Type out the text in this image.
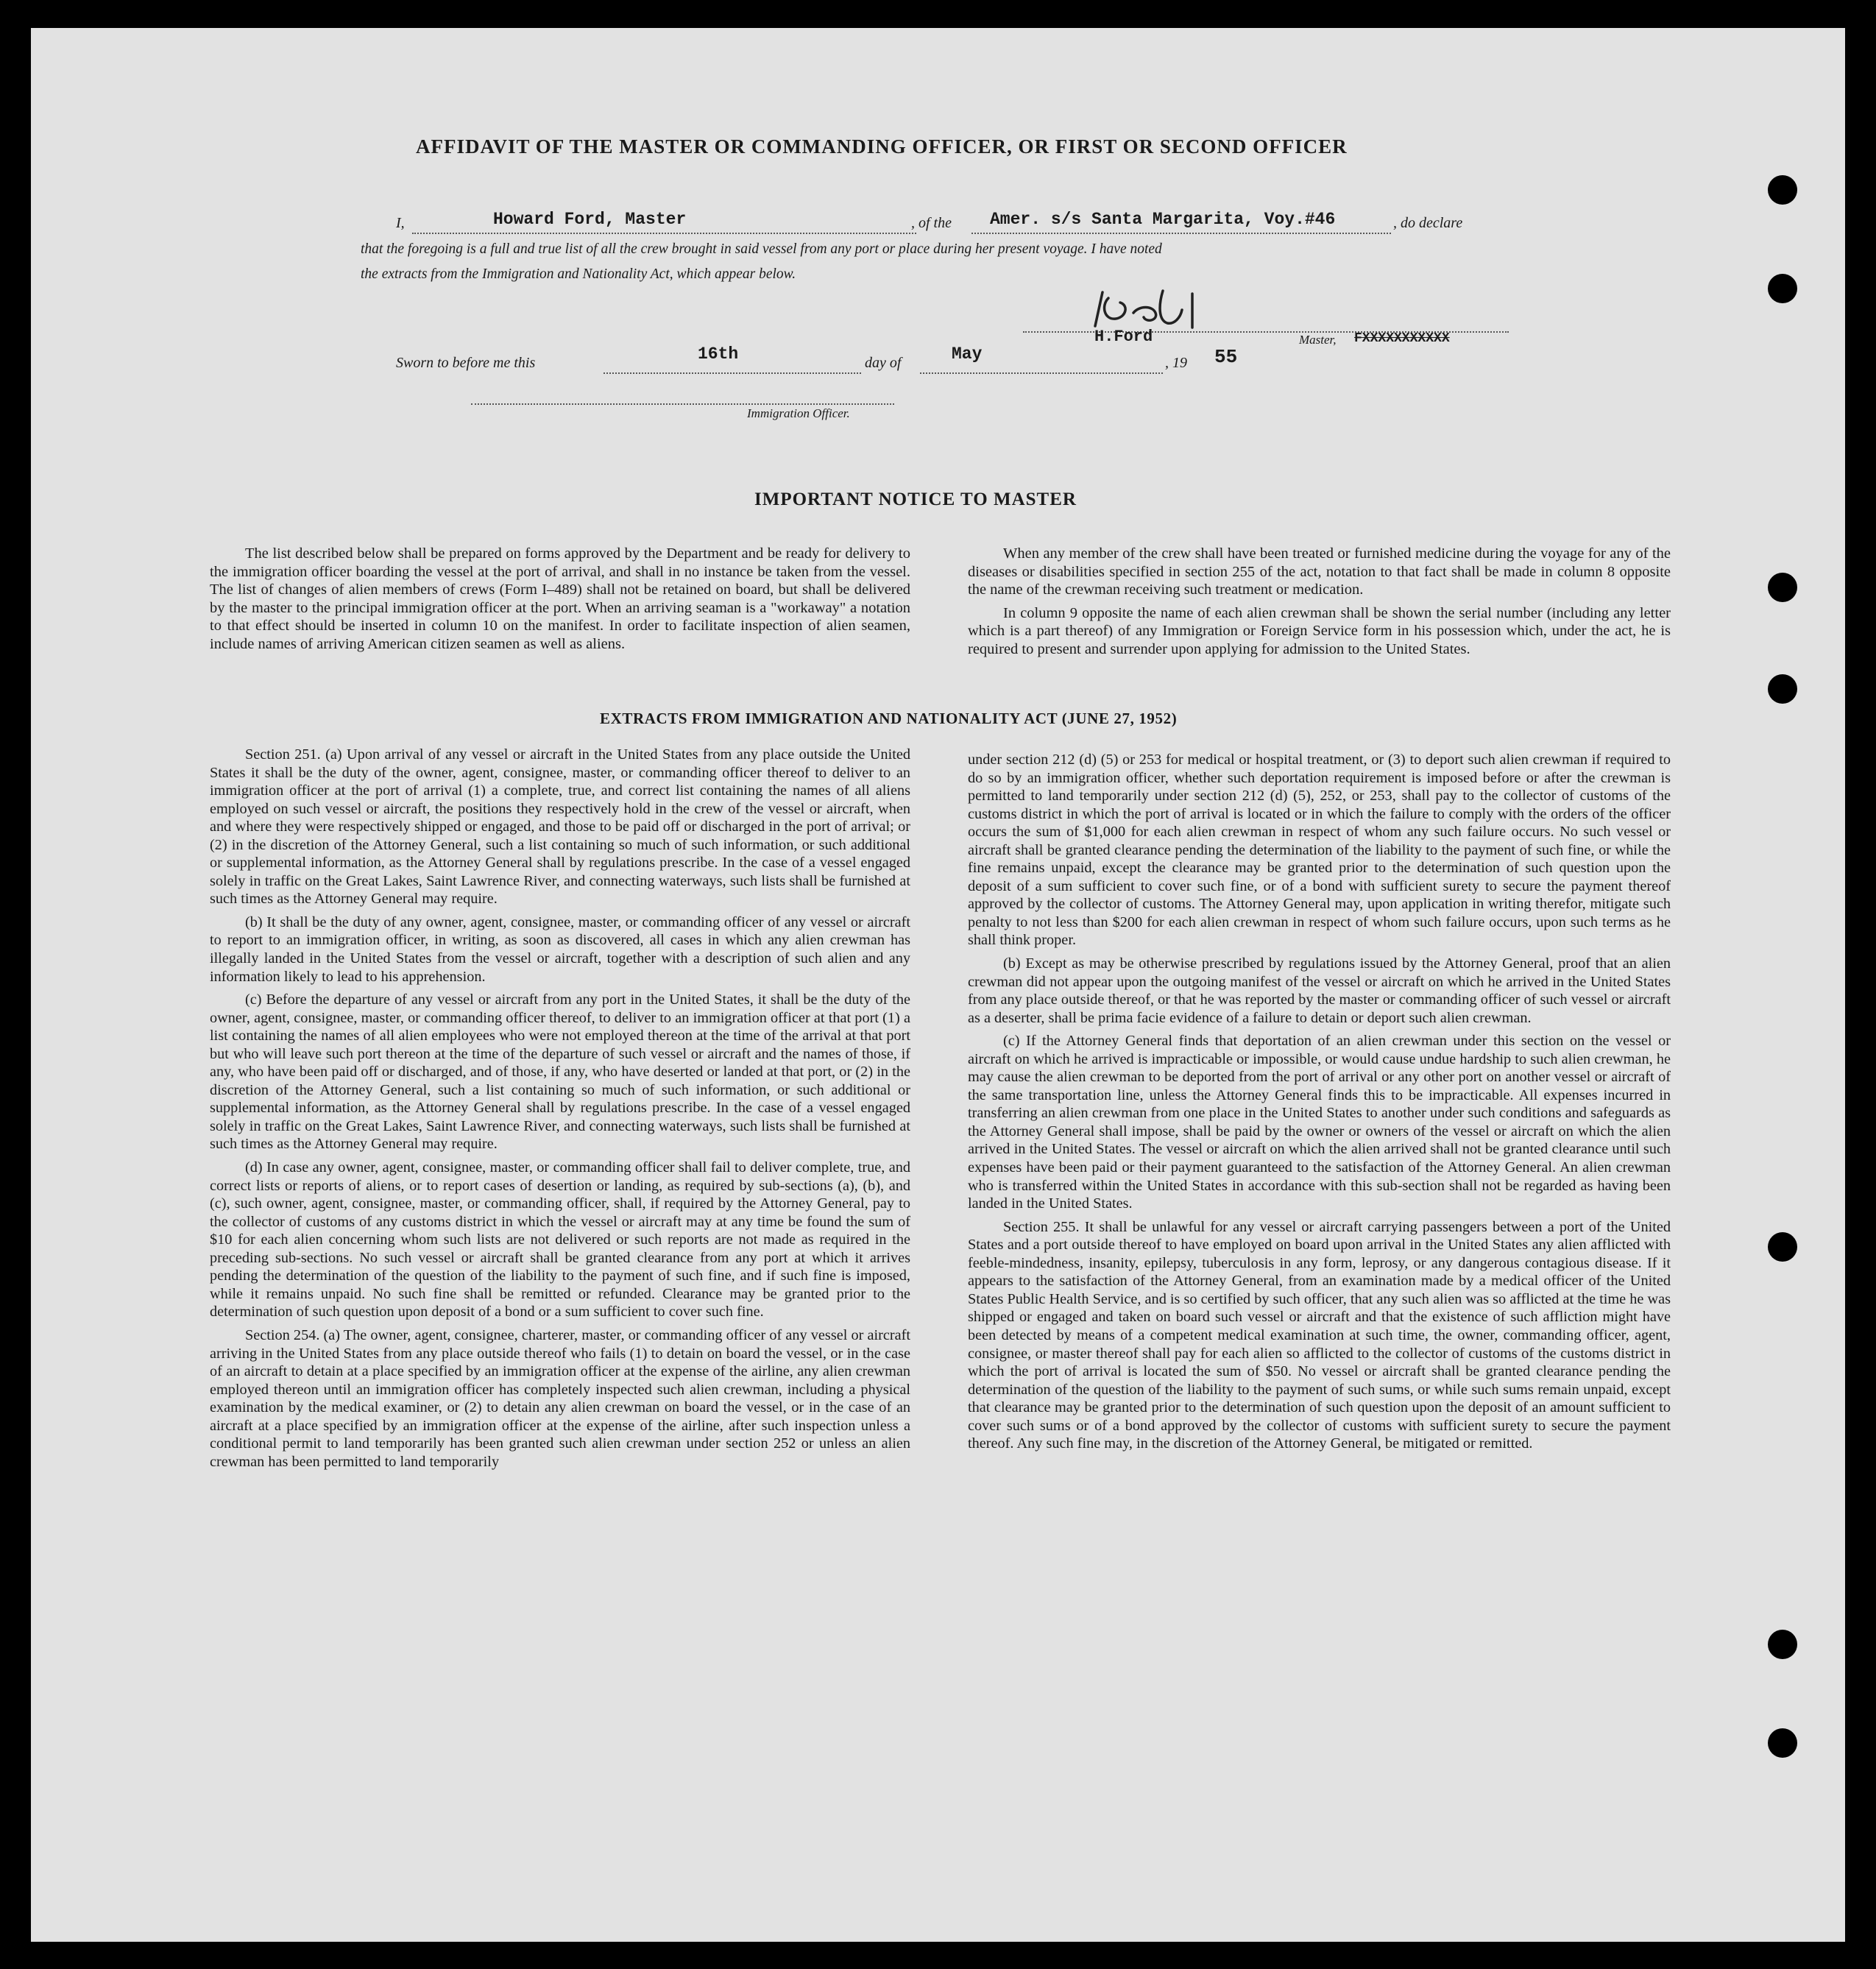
AFFIDAVIT OF THE MASTER OR COMMANDING OFFICER, OR FIRST OR SECOND OFFICER
I,	Howard Ford, Master	, of the Amer. s/s Santa Margarita, Voy.#46	, do declare
that the foregoing is a full and true list of all the crew brought in said vessel from any port or place during her present voyage. I have noted
the extracts from the Immigration and Nationality Act, which appear below.
H.Ford	Master, FXXXXXXXXXXX
Sworn to before me this	16th	day of	May	, 19 55
Immigration Officer.
IMPORTANT NOTICE TO MASTER

The list described below shall be prepared on forms approved by the Department and be ready for delivery to the immigration officer boarding the vessel at the port of arrival, and shall in no instance be taken from the vessel. The list of changes of alien members of crews (Form I–489) shall not be retained on board, but shall be delivered by the master to the principal immigration officer at the port. When an arriving seaman is a "workaway" a notation to that effect should be inserted in column 10 on the manifest. In order to facilitate inspection of alien seamen, include names of arriving American citizen seamen as well as aliens.

When any member of the crew shall have been treated or furnished medicine during the voyage for any of the diseases or disabilities specified in section 255 of the act, notation to that fact shall be made in column 8 opposite the name of the crewman receiving such treatment or medication.

In column 9 opposite the name of each alien crewman shall be shown the serial number (including any letter which is a part thereof) of any Immigration or Foreign Service form in his possession which, under the act, he is required to present and surrender upon applying for admission to the United States.

EXTRACTS FROM IMMIGRATION AND NATIONALITY ACT (JUNE 27, 1952)

Section 251. (a) Upon arrival of any vessel or aircraft in the United States from any place outside the United States it shall be the duty of the owner, agent, consignee, master, or commanding officer thereof to deliver to an immigration officer at the port of arrival (1) a complete, true, and correct list containing the names of all aliens employed on such vessel or aircraft, the positions they respectively hold in the crew of the vessel or aircraft, when and where they were respectively shipped or engaged, and those to be paid off or discharged in the port of arrival; or (2) in the discretion of the Attorney General, such a list containing so much of such information, or such additional or supplemental information, as the Attorney General shall by regulations prescribe. In the case of a vessel engaged solely in traffic on the Great Lakes, Saint Lawrence River, and connecting waterways, such lists shall be furnished at such times as the Attorney General may require.

(b) It shall be the duty of any owner, agent, consignee, master, or commanding officer of any vessel or aircraft to report to an immigration officer, in writing, as soon as discovered, all cases in which any alien crewman has illegally landed in the United States from the vessel or aircraft, together with a description of such alien and any information likely to lead to his apprehension.

(c) Before the departure of any vessel or aircraft from any port in the United States, it shall be the duty of the owner, agent, consignee, master, or commanding officer thereof, to deliver to an immigration officer at that port (1) a list containing the names of all alien employees who were not employed thereon at the time of the arrival at that port but who will leave such port thereon at the time of the departure of such vessel or aircraft and the names of those, if any, who have been paid off or discharged, and of those, if any, who have deserted or landed at that port, or (2) in the discretion of the Attorney General, such a list containing so much of such information, or such additional or supplemental information, as the Attorney General shall by regulations prescribe. In the case of a vessel engaged solely in traffic on the Great Lakes, Saint Lawrence River, and connecting waterways, such lists shall be furnished at such times as the Attorney General may require.

(d) In case any owner, agent, consignee, master, or commanding officer shall fail to deliver complete, true, and correct lists or reports of aliens, or to report cases of desertion or landing, as required by sub-sections (a), (b), and (c), such owner, agent, consignee, master, or commanding officer, shall, if required by the Attorney General, pay to the collector of customs of any customs district in which the vessel or aircraft may at any time be found the sum of $10 for each alien concerning whom such lists are not delivered or such reports are not made as required in the preceding sub-sections. No such vessel or aircraft shall be granted clearance from any port at which it arrives pending the determination of the question of the liability to the payment of such fine, and if such fine is imposed, while it remains unpaid. No such fine shall be remitted or refunded. Clearance may be granted prior to the determination of such question upon deposit of a bond or a sum sufficient to cover such fine.

Section 254. (a) The owner, agent, consignee, charterer, master, or commanding officer of any vessel or aircraft arriving in the United States from any place outside thereof who fails (1) to detain on board the vessel, or in the case of an aircraft to detain at a place specified by an immigration officer at the expense of the airline, any alien crewman employed thereon until an immigration officer has completely inspected such alien crewman, including a physical examination by the medical examiner, or (2) to detain any alien crewman on board the vessel, or in the case of an aircraft at a place specified by an immigration officer at the expense of the airline, after such inspection unless a conditional permit to land temporarily has been granted such alien crewman under section 252 or unless an alien crewman has been permitted to land temporarily

under section 212 (d) (5) or 253 for medical or hospital treatment, or (3) to deport such alien crewman if required to do so by an immigration officer, whether such deportation requirement is imposed before or after the crewman is permitted to land temporarily under section 212 (d) (5), 252, or 253, shall pay to the collector of customs of the customs district in which the port of arrival is located or in which the failure to comply with the orders of the officer occurs the sum of $1,000 for each alien crewman in respect of whom any such failure occurs. No such vessel or aircraft shall be granted clearance pending the determination of the liability to the payment of such fine, or while the fine remains unpaid, except the clearance may be granted prior to the determination of such question upon the deposit of a sum sufficient to cover such fine, or of a bond with sufficient surety to secure the payment thereof approved by the collector of customs. The Attorney General may, upon application in writing therefor, mitigate such penalty to not less than $200 for each alien crewman in respect of whom such failure occurs, upon such terms as he shall think proper.

(b) Except as may be otherwise prescribed by regulations issued by the Attorney General, proof that an alien crewman did not appear upon the outgoing manifest of the vessel or aircraft on which he arrived in the United States from any place outside thereof, or that he was reported by the master or commanding officer of such vessel or aircraft as a deserter, shall be prima facie evidence of a failure to detain or deport such alien crewman.

(c) If the Attorney General finds that deportation of an alien crewman under this section on the vessel or aircraft on which he arrived is impracticable or impossible, or would cause undue hardship to such alien crewman, he may cause the alien crewman to be deported from the port of arrival or any other port on another vessel or aircraft of the same transportation line, unless the Attorney General finds this to be impracticable. All expenses incurred in transferring an alien crewman from one place in the United States to another under such conditions and safeguards as the Attorney General shall impose, shall be paid by the owner or owners of the vessel or aircraft on which the alien arrived in the United States. The vessel or aircraft on which the alien arrived shall not be granted clearance until such expenses have been paid or their payment guaranteed to the satisfaction of the Attorney General. An alien crewman who is transferred within the United States in accordance with this sub-section shall not be regarded as having been landed in the United States.

Section 255. It shall be unlawful for any vessel or aircraft carrying passengers between a port of the United States and a port outside thereof to have employed on board upon arrival in the United States any alien afflicted with feeble-mindedness, insanity, epilepsy, tuberculosis in any form, leprosy, or any dangerous contagious disease. If it appears to the satisfaction of the Attorney General, from an examination made by a medical officer of the United States Public Health Service, and is so certified by such officer, that any such alien was so afflicted at the time he was shipped or engaged and taken on board such vessel or aircraft and that the existence of such affliction might have been detected by means of a competent medical examination at such time, the owner, commanding officer, agent, consignee, or master thereof shall pay for each alien so afflicted to the collector of customs of the customs district in which the port of arrival is located the sum of $50. No vessel or aircraft shall be granted clearance pending the determination of the question of the liability to the payment of such sums, or while such sums remain unpaid, except that clearance may be granted prior to the determination of such question upon the deposit of an amount sufficient to cover such sums or of a bond approved by the collector of customs with sufficient surety to secure the payment thereof. Any such fine may, in the discretion of the Attorney General, be mitigated or remitted.
